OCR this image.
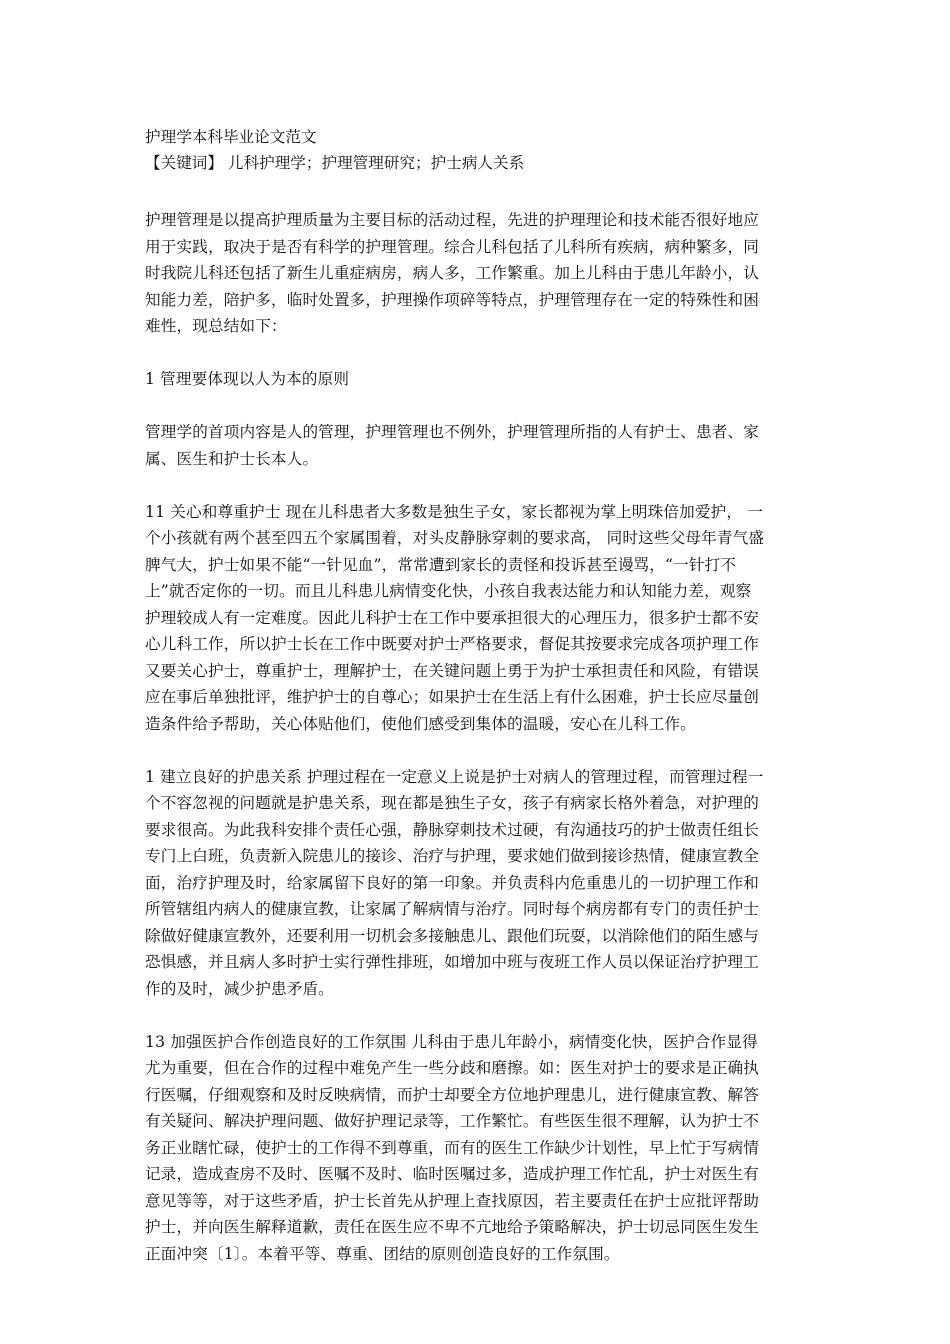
护理学本科毕业论文范文
【关键词】 儿科护理学；护理管理研究；护士病人关系
护理管理是以提高护理质量为主要目标的活动过程，先进的护理理论和技术能否很好地应
用于实践，取决于是否有科学的护理管理。综合儿科包括了儿科所有疾病，病种繁多，同
时我院儿科还包括了新生儿重症病房，病人多，工作繁重。加上儿科由于患儿年龄小，认
知能力差，陪护多，临时处置多，护理操作项碎等特点，护理管理存在一定的特殊性和困
难性，现总结如下：
1 管理要体现以人为本的原则
管理学的首项内容是人的管理，护理管理也不例外，护理管理所指的人有护士、患者、家
属、医生和护士长本人。
11 关心和尊重护士 现在儿科患者大多数是独生子女，家长都视为掌上明珠倍加爱护， 一
个小孩就有两个甚至四五个家属围着，对头皮静脉穿刺的要求高， 同时这些父母年青气盛
脾气大，护士如果不能“一针见血”，常常遭到家长的责怪和投诉甚至谩骂，“一针打不
上”就否定你的一切。而且儿科患儿病情变化快，小孩自我表达能力和认知能力差，观察
护理较成人有一定难度。因此儿科护士在工作中要承担很大的心理压力，很多护士都不安
心儿科工作，所以护士长在工作中既要对护士严格要求，督促其按要求完成各项护理工作
又要关心护士，尊重护士，理解护士，在关键问题上勇于为护士承担责任和风险，有错误
应在事后单独批评，维护护士的自尊心；如果护士在生活上有什么困难，护士长应尽量创
造条件给予帮助，关心体贴他们，使他们感受到集体的温暖，安心在儿科工作。
1 建立良好的护患关系 护理过程在一定意义上说是护士对病人的管理过程，而管理过程一
个不容忽视的问题就是护患关系，现在都是独生子女，孩子有病家长格外着急，对护理的
要求很高。为此我科安排个责任心强，静脉穿刺技术过硬，有沟通技巧的护士做责任组长
专门上白班，负责新入院患儿的接诊、治疗与护理，要求她们做到接诊热情，健康宣教全
面，治疗护理及时，给家属留下良好的第一印象。并负责科内危重患儿的一切护理工作和
所管辖组内病人的健康宣教，让家属了解病情与治疗。同时每个病房都有专门的责任护士
除做好健康宣教外，还要利用一切机会多接触患儿、跟他们玩耍，以消除他们的陌生感与
恐惧感，并且病人多时护士实行弹性排班，如增加中班与夜班工作人员以保证治疗护理工
作的及时，减少护患矛盾。
13 加强医护合作创造良好的工作氛围 儿科由于患儿年龄小，病情变化快，医护合作显得
尤为重要，但在合作的过程中难免产生一些分歧和磨擦。如：医生对护士的要求是正确执
行医嘱，仔细观察和及时反映病情，而护士却要全方位地护理患儿，进行健康宣教、解答
有关疑问、解决护理问题、做好护理记录等，工作繁忙。有些医生很不理解，认为护士不
务正业瞎忙碌，使护士的工作得不到尊重，而有的医生工作缺少计划性，早上忙于写病情
记录，造成查房不及时、医嘱不及时、临时医嘱过多，造成护理工作忙乱，护士对医生有
意见等等，对于这些矛盾，护士长首先从护理上查找原因，若主要责任在护士应批评帮助
护士，并向医生解释道歉，责任在医生应不卑不亢地给予策略解决，护士切忌同医生发生
正面冲突〔1〕。本着平等、尊重、团结的原则创造良好的工作氛围。
